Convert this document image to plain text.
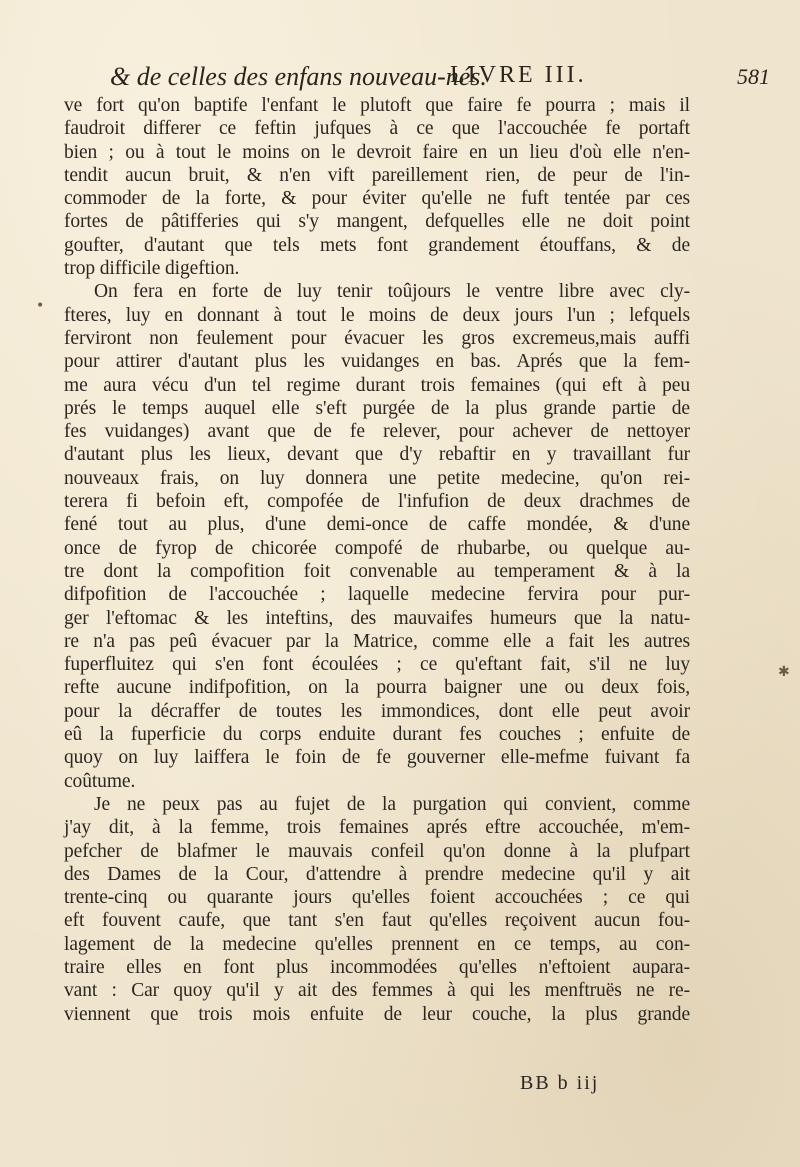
& de celles des enfans nouveau-nés.
LIVRE III.	581
ve fort qu'on baptife l'enfant le plutoft que faire fe pourra ; mais il
faudroit differer ce feftin jufques à ce que l'accouchée fe portaft
bien ; ou à tout le moins on le devroit faire en un lieu d'où elle n'en-
tendit aucun bruit, & n'en vift pareillement rien, de peur de l'in-
commoder de la forte, & pour éviter qu'elle ne fuft tentée par ces
fortes de pâtifferies qui s'y mangent, defquelles elle ne doit point
goufter, d'autant que tels mets font grandement étouffans, & de
trop difficile digeftion.
On fera en forte de luy tenir toûjours le ventre libre avec cly-
fteres, luy en donnant à tout le moins de deux jours l'un ; lefquels
ferviront non feulement pour évacuer les gros excremeus,mais auffi
pour attirer d'autant plus les vuidanges en bas. Aprés que la fem-
me aura vécu d'un tel regime durant trois femaines (qui eft à peu
prés le temps auquel elle s'eft purgée de la plus grande partie de
fes vuidanges) avant que de fe relever, pour achever de nettoyer
d'autant plus les lieux, devant que d'y rebaftir en y travaillant fur
nouveaux frais, on luy donnera une petite medecine, qu'on rei-
terera fi befoin eft, compofée de l'infufion de deux drachmes de
fené tout au plus, d'une demi-once de caffe mondée, & d'une
once de fyrop de chicorée compofé de rhubarbe, ou quelque au-
tre dont la compofition foit convenable au temperament & à la
difpofition de l'accouchée ; laquelle medecine fervira pour pur-
ger l'eftomac & les inteftins, des mauvaifes humeurs que la natu-
re n'a pas peû évacuer par la Matrice, comme elle a fait les autres
fuperfluitez qui s'en font écoulées ; ce qu'eftant fait, s'il ne luy
refte aucune indifpofition, on la pourra baigner une ou deux fois,
pour la décraffer de toutes les immondices, dont elle peut avoir
eû la fuperficie du corps enduite durant fes couches ; enfuite de
quoy on luy laiffera le foin de fe gouverner elle-mefme fuivant fa
coûtume.
Je ne peux pas au fujet de la purgation qui convient, comme
j'ay dit, à la femme, trois femaines aprés eftre accouchée, m'em-
pefcher de blafmer le mauvais confeil qu'on donne à la plufpart
des Dames de la Cour, d'attendre à prendre medecine qu'il y ait
trente-cinq ou quarante jours qu'elles foient accouchées ; ce qui
eft fouvent caufe, que tant s'en faut qu'elles reçoivent aucun fou-
lagement de la medecine qu'elles prennent en ce temps, au con-
traire elles en font plus incommodées qu'elles n'eftoient aupara-
vant : Car quoy qu'il y ait des femmes à qui les menftruës ne re-
viennent que trois mois enfuite de leur couche, la plus grande
BB b iij
•
✱
